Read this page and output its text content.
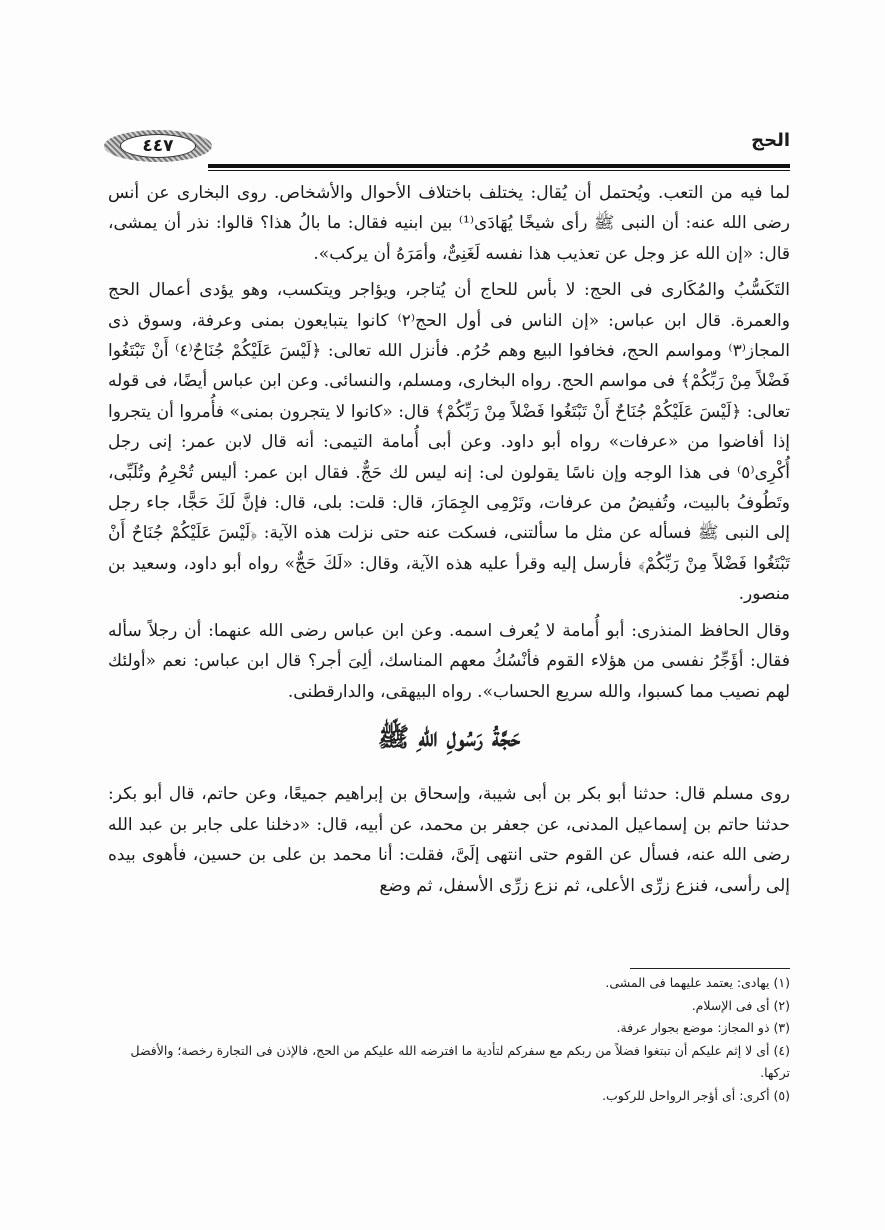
٤٤٧	الحج

لما فيه من التعب. ويُحتمل أن يُقال: يختلف باختلاف الأحوال والأشخاص. روى البخارى عن أنس رضى الله عنه: أن النبى ﷺ رأى شيخًا يُهَادَى⁽¹⁾ بين ابنيه فقال: ما بالُ هذا؟ قالوا: نذر أن يمشى، قال: «إن الله عز وجل عن تعذيب هذا نفسه لَغَنِىٌّ، وأمَرَهُ أن يركب».

التَكَسُّبُ والمُكَارى فى الحج: لا بأس للحاج أن يُتاجر، ويؤاجر ويتكسب، وهو يؤدى أعمال الحج والعمرة. قال ابن عباس: «إن الناس فى أول الحج⁽٢⁾ كانوا يتبايعون بمنى وعرفة، وسوق ذى المجاز⁽٣⁾ ومواسم الحج، فخافوا البيع وهم حُرُم. فأنزل الله تعالى: ﴿لَيْسَ عَلَيْكُمْ جُنَاحٌ⁽٤⁾ أَنْ تَبْتَغُوا فَضْلاً مِنْ رَبِّكُمْ﴾ فى مواسم الحج. رواه البخارى، ومسلم، والنسائى. وعن ابن عباس أيضًا، فى قوله تعالى: ﴿لَيْسَ عَلَيْكُمْ جُنَاحٌ أَنْ تَبْتَغُوا فَضْلاً مِنْ رَبِّكُمْ﴾ قال: «كانوا لا يتجرون بمنى» فأُمروا أن يتجروا إذا أفاضوا من «عرفات» رواه أبو داود. وعن أبى أُمامة التيمى: أنه قال لابن عمر: إنى رجل أُكْرِى⁽٥⁾ فى هذا الوجه وإن ناسًا يقولون لى: إنه ليس لك حَجٌّ. فقال ابن عمر: أليس تُحْرِمُ وتُلَبِّى، وتَطُوفُ بالبيت، وتُفيضُ من عرفات، وتَرْمِى الجِمَارَ، قال: قلت: بلى، قال: فإنَّ لَكَ حَجًّا، جاء رجل إلى النبى ﷺ فسأله عن مثل ما سألتنى، فسكت عنه حتى نزلت هذه الآية: ﴿لَيْسَ عَلَيْكُمْ جُنَاحٌ أَنْ تَبْتَغُوا فَضْلاً مِنْ رَبِّكُمْ﴾ فأرسل إليه وقرأ عليه هذه الآية، وقال: «لَكَ حَجٌّ» رواه أبو داود، وسعيد بن منصور.

وقال الحافظ المنذرى: أبو أُمامة لا يُعرف اسمه. وعن ابن عباس رضى الله عنهما: أن رجلاً سأله فقال: أؤَجِّرُ نفسى من هؤلاء القوم فأنْسُكُ معهم المناسك، ألِىَ أجر؟ قال ابن عباس: نعم «أولئك لهم نصيب مما كسبوا، والله سريع الحساب». رواه البيهقى، والدارقطنى.

حَجَّةُ رَسُولِ اللهِ ﷺ

روى مسلم قال: حدثنا أبو بكر بن أبى شيبة، وإسحاق بن إبراهيم جميعًا، وعن حاتم، قال أبو بكر: حدثنا حاتم بن إسماعيل المدنى، عن جعفر بن محمد، عن أبيه، قال: «دخلنا على جابر بن عبد الله رضى الله عنه، فسأل عن القوم حتى انتهى إلَىَّ، فقلت: أنا محمد بن على بن حسين، فأهوى بيده إلى رأسى، فنزع زرِّى الأعلى، ثم نزع زرِّى الأسفل، ثم وضع

(١) يهادى: يعتمد عليهما فى المشى.

(٢) أى فى الإسلام.

(٣) ذو المجاز: موضع بجوار عرفة.

(٤) أى لا إثم عليكم أن تبتغوا فضلاً من ربكم مع سفركم لتأدية ما افترضه الله عليكم من الحج، فالإذن فى التجارة رخصة؛ والأفضل تركها.

(٥) أكرى: أى أؤجر الرواحل للركوب.
